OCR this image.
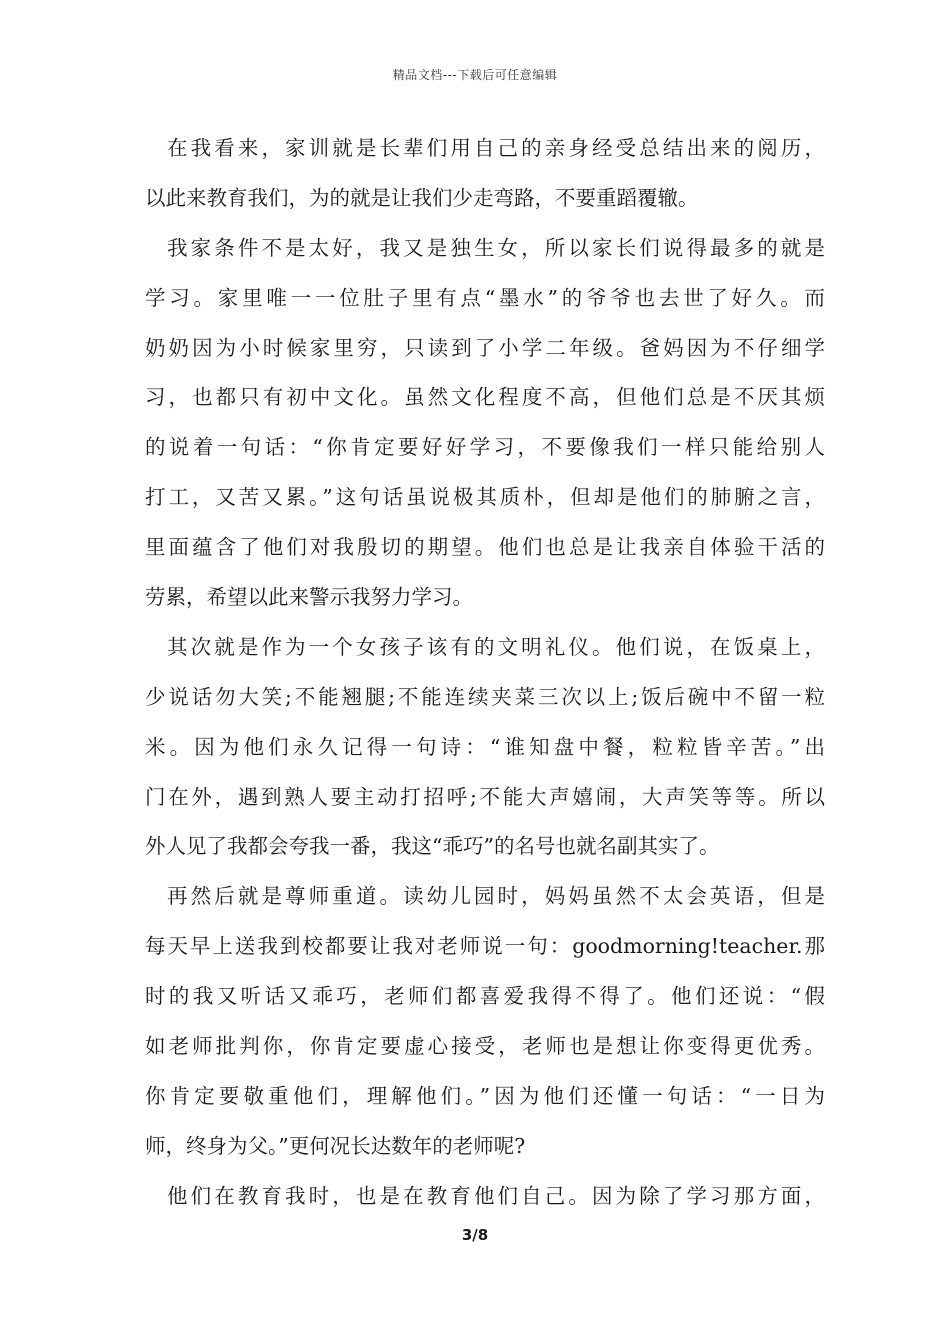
精品文档---下载后可任意编辑
在我看来，家训就是长辈们用自己的亲身经受总结出来的阅历，
以此来教育我们，为的就是让我们少走弯路，不要重蹈覆辙。
我家条件不是太好，我又是独生女，所以家长们说得最多的就是
学习。家里唯一一位肚子里有点“墨水”的爷爷也去世了好久。而
奶奶因为小时候家里穷，只读到了小学二年级。爸妈因为不仔细学
习，也都只有初中文化。虽然文化程度不高，但他们总是不厌其烦
的说着一句话：“你肯定要好好学习，不要像我们一样只能给别人
打工，又苦又累。”这句话虽说极其质朴，但却是他们的肺腑之言，
里面蕴含了他们对我殷切的期望。他们也总是让我亲自体验干活的
劳累，希望以此来警示我努力学习。
其次就是作为一个女孩子该有的文明礼仪。他们说，在饭桌上，
少说话勿大笑;不能翘腿;不能连续夹菜三次以上;饭后碗中不留一粒
米。因为他们永久记得一句诗：“谁知盘中餐，粒粒皆辛苦。”出
门在外，遇到熟人要主动打招呼;不能大声嬉闹，大声笑等等。所以
外人见了我都会夸我一番，我这“乖巧”的名号也就名副其实了。
再然后就是尊师重道。读幼儿园时，妈妈虽然不太会英语，但是
每天早上送我到校都要让我对老师说一句：goodmorning!teacher.那
时的我又听话又乖巧，老师们都喜爱我得不得了。他们还说：“假
如老师批判你，你肯定要虚心接受，老师也是想让你变得更优秀。
你肯定要敬重他们，理解他们。”因为他们还懂一句话：“一日为
师，终身为父。”更何况长达数年的老师呢?
他们在教育我时，也是在教育他们自己。因为除了学习那方面，
3/8
